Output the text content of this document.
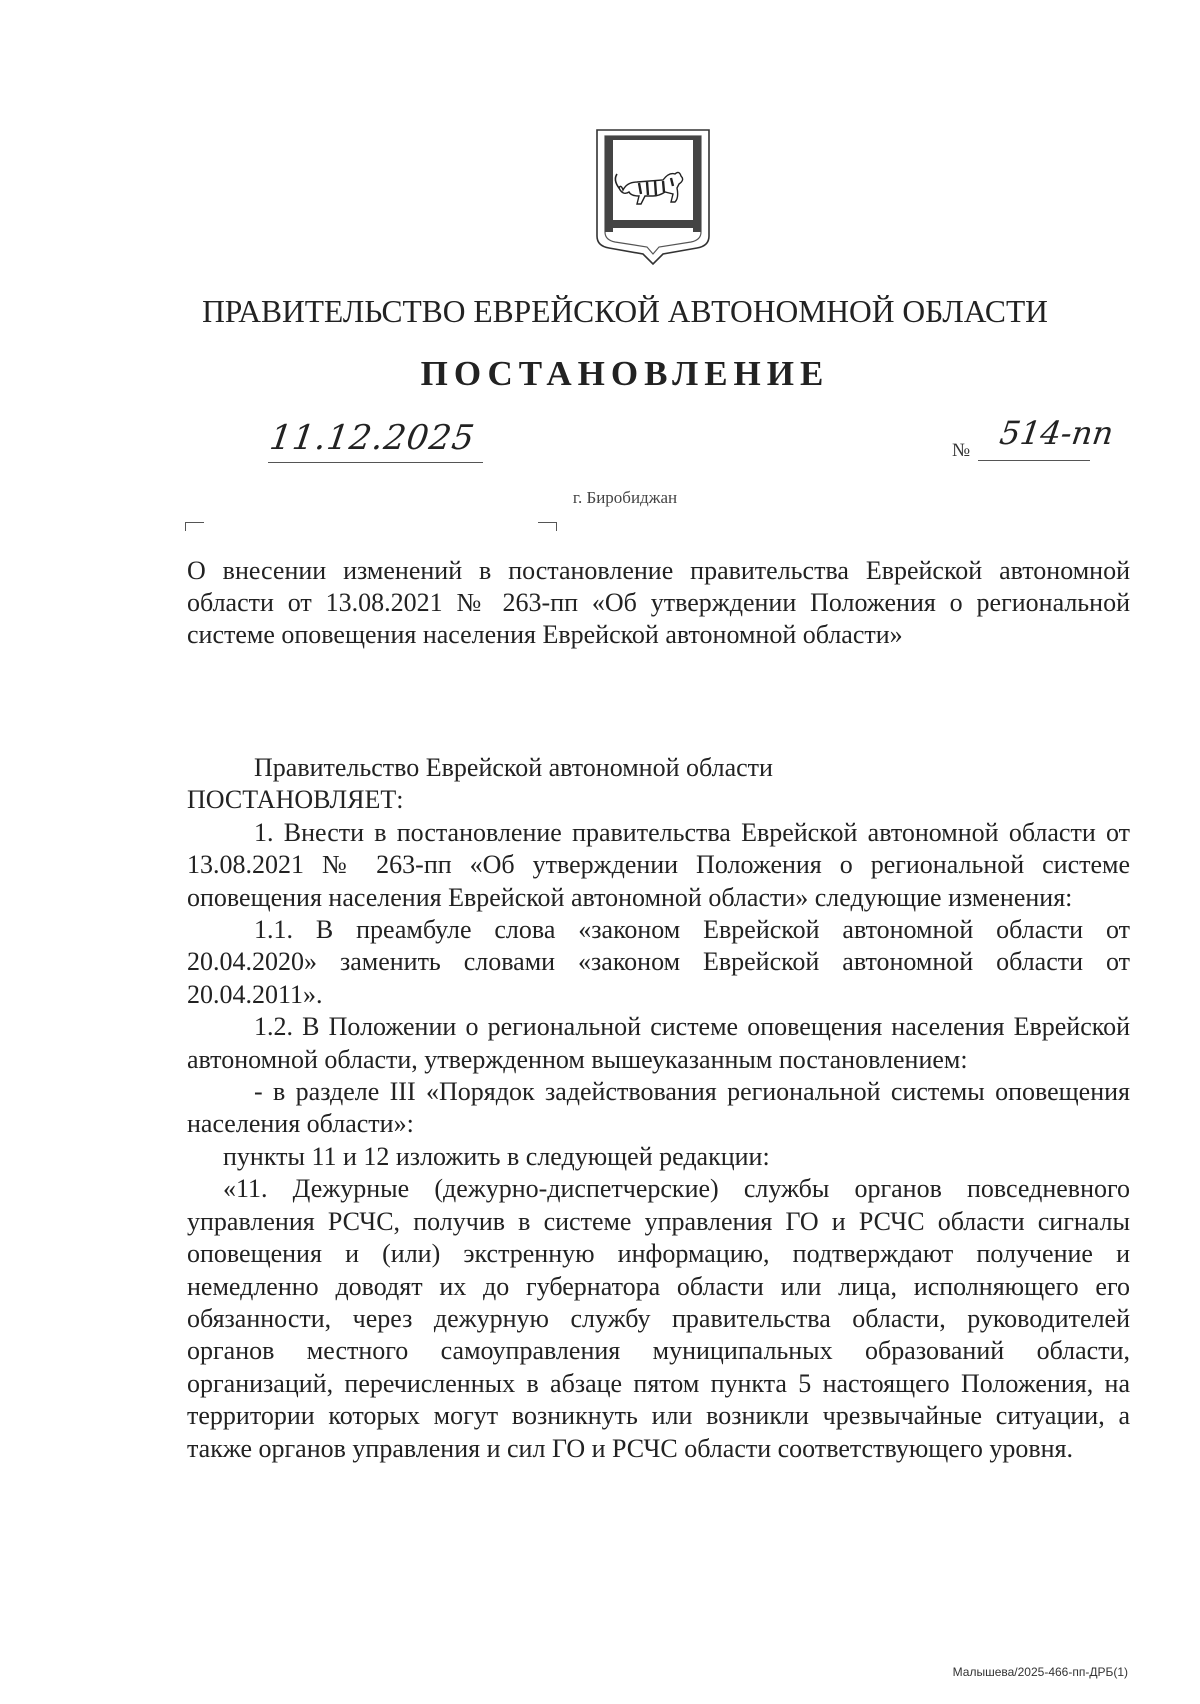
ПРАВИТЕЛЬСТВО ЕВРЕЙСКОЙ АВТОНОМНОЙ ОБЛАСТИ
ПОСТАНОВЛЕНИЕ
11.12.2025	№ 514-пп
г. Биробиджан
О внесении изменений в постановление правительства Еврейской автономной области от 13.08.2021 № 263-пп «Об утверждении Положения о региональной системе оповещения населения Еврейской автономной области»

Правительство Еврейской автономной области

ПОСТАНОВЛЯЕТ:

1. Внести в постановление правительства Еврейской автономной области от 13.08.2021 № 263-пп «Об утверждении Положения о региональной системе оповещения населения Еврейской автономной области» следующие изменения:

1.1. В преамбуле слова «законом Еврейской автономной области от 20.04.2020» заменить словами «законом Еврейской автономной области от 20.04.2011».

1.2. В Положении о региональной системе оповещения населения Еврейской автономной области, утвержденном вышеуказанным постановлением:

- в разделе III «Порядок задействования региональной системы оповещения населения области»:

пункты 11 и 12 изложить в следующей редакции:

«11. Дежурные (дежурно-диспетчерские) службы органов повседневного управления РСЧС, получив в системе управления ГО и РСЧС области сигналы оповещения и (или) экстренную информацию, подтверждают получение и немедленно доводят их до губернатора области или лица, исполняющего его обязанности, через дежурную службу правительства области, руководителей органов местного самоуправления муниципальных образований области, организаций, перечисленных в абзаце пятом пункта 5 настоящего Положения, на территории которых могут возникнуть или возникли чрезвычайные ситуации, а также органов управления и сил ГО и РСЧС области соответствующего уровня.

Малышева/2025-466-пп-ДРБ(1)
